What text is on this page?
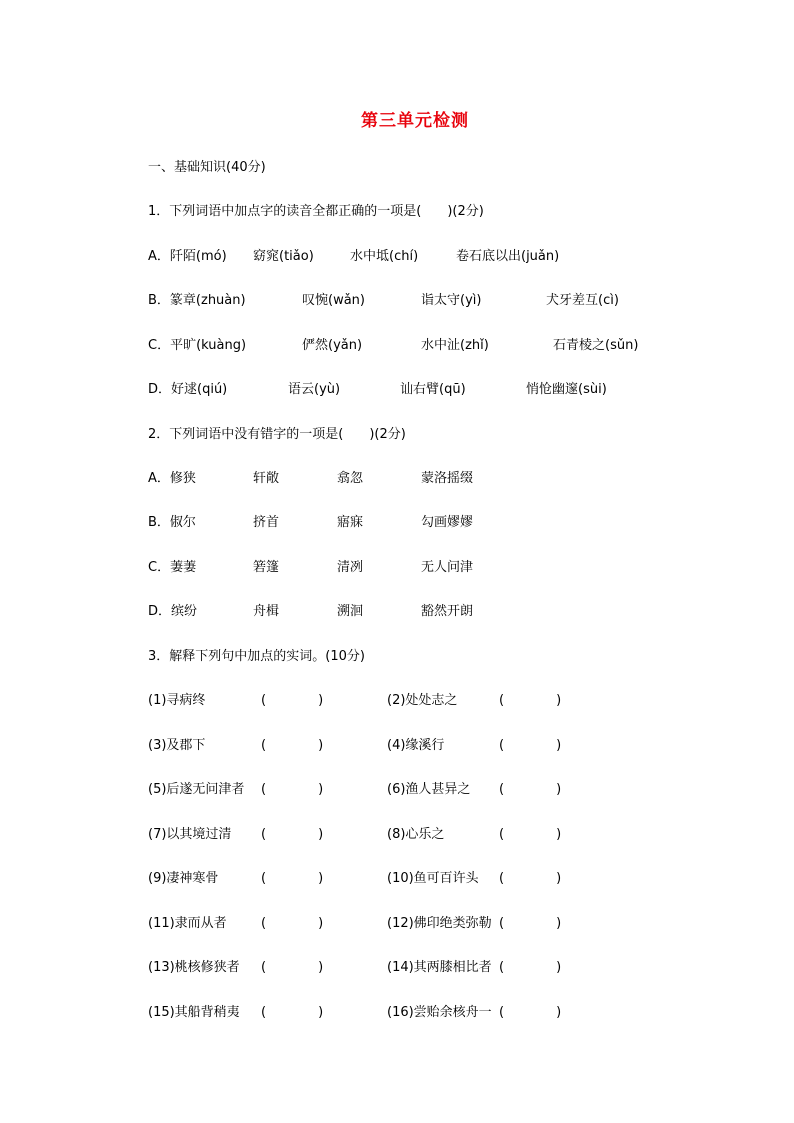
第三单元检测
一、基础知识(40分)
1．下列词语中加点字的读音全都正确的一项是(　　)(2分)
A．阡陌(mó) 窈窕(tiǎo)	水中坻(chí)	卷石底以出(juǎn)
B．篆章(zhuàn)	叹惋(wǎn)	诣太守(yì)	犬牙差互(cì)
C．平旷(kuàng)	俨然(yǎn)	水中沚(zhǐ)	石青棱之(sǔn)
D．好逑(qiú)	语云(yù)	讪右臂(qū)	悄怆幽邃(sùi)
2．下列词语中没有错字的一项是(　　)(2分)
A．修狭	轩敞	翕忽	蒙洛摇缀
B．俶尔	挤首	寤寐	勾画嫪嫪
C．萋萋	箬篷	清冽	无人问津
D．缤纷	舟楫	溯洄	豁然开朗
3．解释下列句中加点的实词。(10分)
(1)寻病终	(　　　　)	(2)处处志之	(　　　　)
(3)及郡下	(　　　　)	(4)缘溪行	(　　　　)
(5)后遂无问津者 (　　　　)	(6)渔人甚异之 (　　　　)
(7)以其境过清 (　　　　)	(8)心乐之	(　　　　)
(9)凄神寒骨	(　　　　)	(10)鱼可百许头 (　　　　)
(11)隶而从者	(　　　　)	(12)佛印绝类弥勒 (　　　　)
(13)桃核修狭者 (　　　　)	(14)其两膝相比者 (　　　　)
(15)其船背稍夷 (　　　　)	(16)尝贻余核舟一 (　　　　)
